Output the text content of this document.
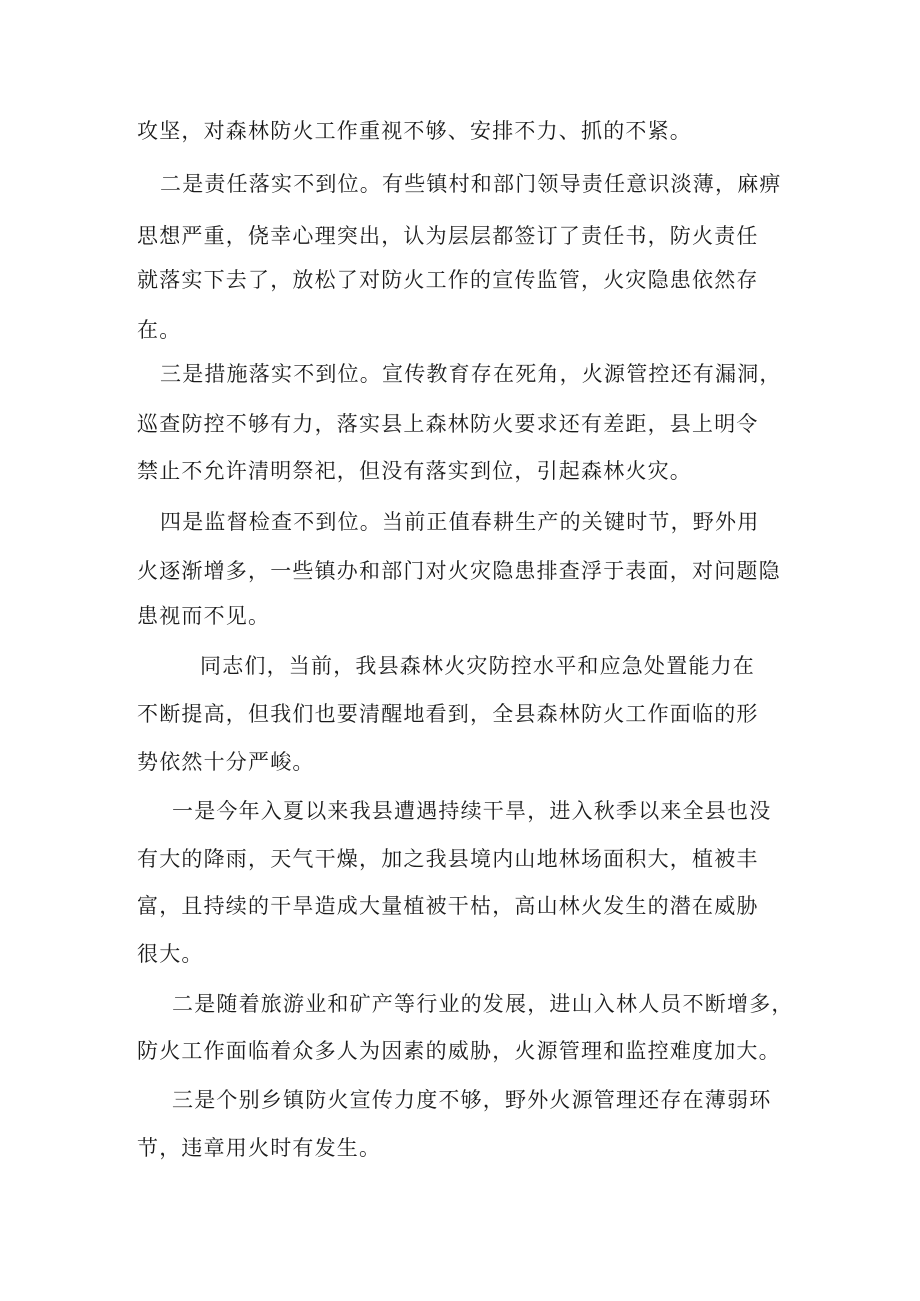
攻坚，对森林防火工作重视不够、安排不力、抓的不紧。
二是责任落实不到位。有些镇村和部门领导责任意识淡薄，麻痹
思想严重，侥幸心理突出，认为层层都签订了责任书，防火责任
就落实下去了，放松了对防火工作的宣传监管，火灾隐患依然存
在。
三是措施落实不到位。宣传教育存在死角，火源管控还有漏洞，
巡查防控不够有力，落实县上森林防火要求还有差距，县上明令
禁止不允许清明祭祀，但没有落实到位，引起森林火灾。
四是监督检查不到位。当前正值春耕生产的关键时节，野外用
火逐渐增多，一些镇办和部门对火灾隐患排查浮于表面，对问题隐
患视而不见。
同志们，当前，我县森林火灾防控水平和应急处置能力在
不断提高，但我们也要清醒地看到，全县森林防火工作面临的形
势依然十分严峻。
一是今年入夏以来我县遭遇持续干旱，进入秋季以来全县也没
有大的降雨，天气干燥，加之我县境内山地林场面积大，植被丰
富，且持续的干旱造成大量植被干枯，高山林火发生的潜在威胁
很大。
二是随着旅游业和矿产等行业的发展，进山入林人员不断增多，
防火工作面临着众多人为因素的威胁，火源管理和监控难度加大。
三是个别乡镇防火宣传力度不够，野外火源管理还存在薄弱环
节，违章用火时有发生。
